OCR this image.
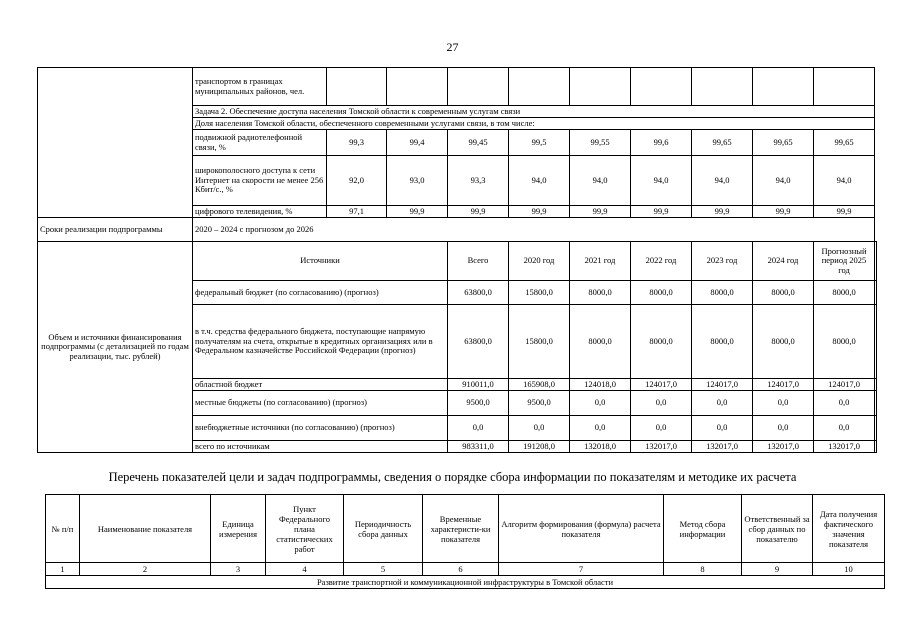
27
	транспортом в границах муниципальных районов, чел.										
	Задача 2. Обеспечение доступа населения Томской области к современным услугам связи										
	Доля населения Томской области, обеспеченного современными услугами связи, в том числе:										
	подвижной радиотелефонной связи, %	99,3	99,4	99,45	99,5	99,55	99,6	99,65	99,65	99,65	
	широкополосного доступа к сети Интернет на скорости не менее 256 Кбит/с., %	92,0	93,0	93,3	94,0	94,0	94,0	94,0	94,0	94,0	
	цифрового телевидения, %	97,1	99,9	99,9	99,9	99,9	99,9	99,9	99,9	99,9	
Сроки реализации подпрограммы	2020 – 2024 с прогнозом до 2026										
Объем и источники финансирования подпрограммы (с детализацией по годам реализации, тыс. рублей)	Источники			Всего	2020 год	2021 год	2022 год	2023 год	2024 год	Прогнозный период 2025 год	
	федеральный бюджет (по согласованию) (прогноз)			63800,0	15800,0	8000,0	8000,0	8000,0	8000,0	8000,0	
	в т.ч. средства федерального бюджета, поступающие напрямую получателям на счета, открытые в кредитных организациях или в Федеральном казначействе Российской Федерации (прогноз)			63800,0	15800,0	8000,0	8000,0	8000,0	8000,0	8000,0	
	областной бюджет			910011,0	165908,0	124018,0	124017,0	124017,0	124017,0	124017,0	
	местные бюджеты (по согласованию) (прогноз)			9500,0	9500,0	0,0	0,0	0,0	0,0	0,0	
	внебюджетные источники (по согласованию) (прогноз)			0,0	0,0	0,0	0,0	0,0	0,0	0,0	
	всего по источникам			983311,0	191208,0	132018,0	132017,0	132017,0	132017,0	132017,0	
Перечень показателей цели и задач подпрограммы, сведения о порядке сбора информации по показателям и методике их расчета
№ п/п	Наименование показателя	Единица измерения	Пункт Федерального плана статистических работ	Периодичность сбора данных	Временные характеристи-ки показателя	Алгоритм формирования (формула) расчета показателя	Метод сбора информации	Ответственный за сбор данных по показателю	Дата получения фактического значения показателя
1	2	3	4	5	6	7	8	9	10
Развитие транспортной и коммуникационной инфраструктуры в Томской области									
